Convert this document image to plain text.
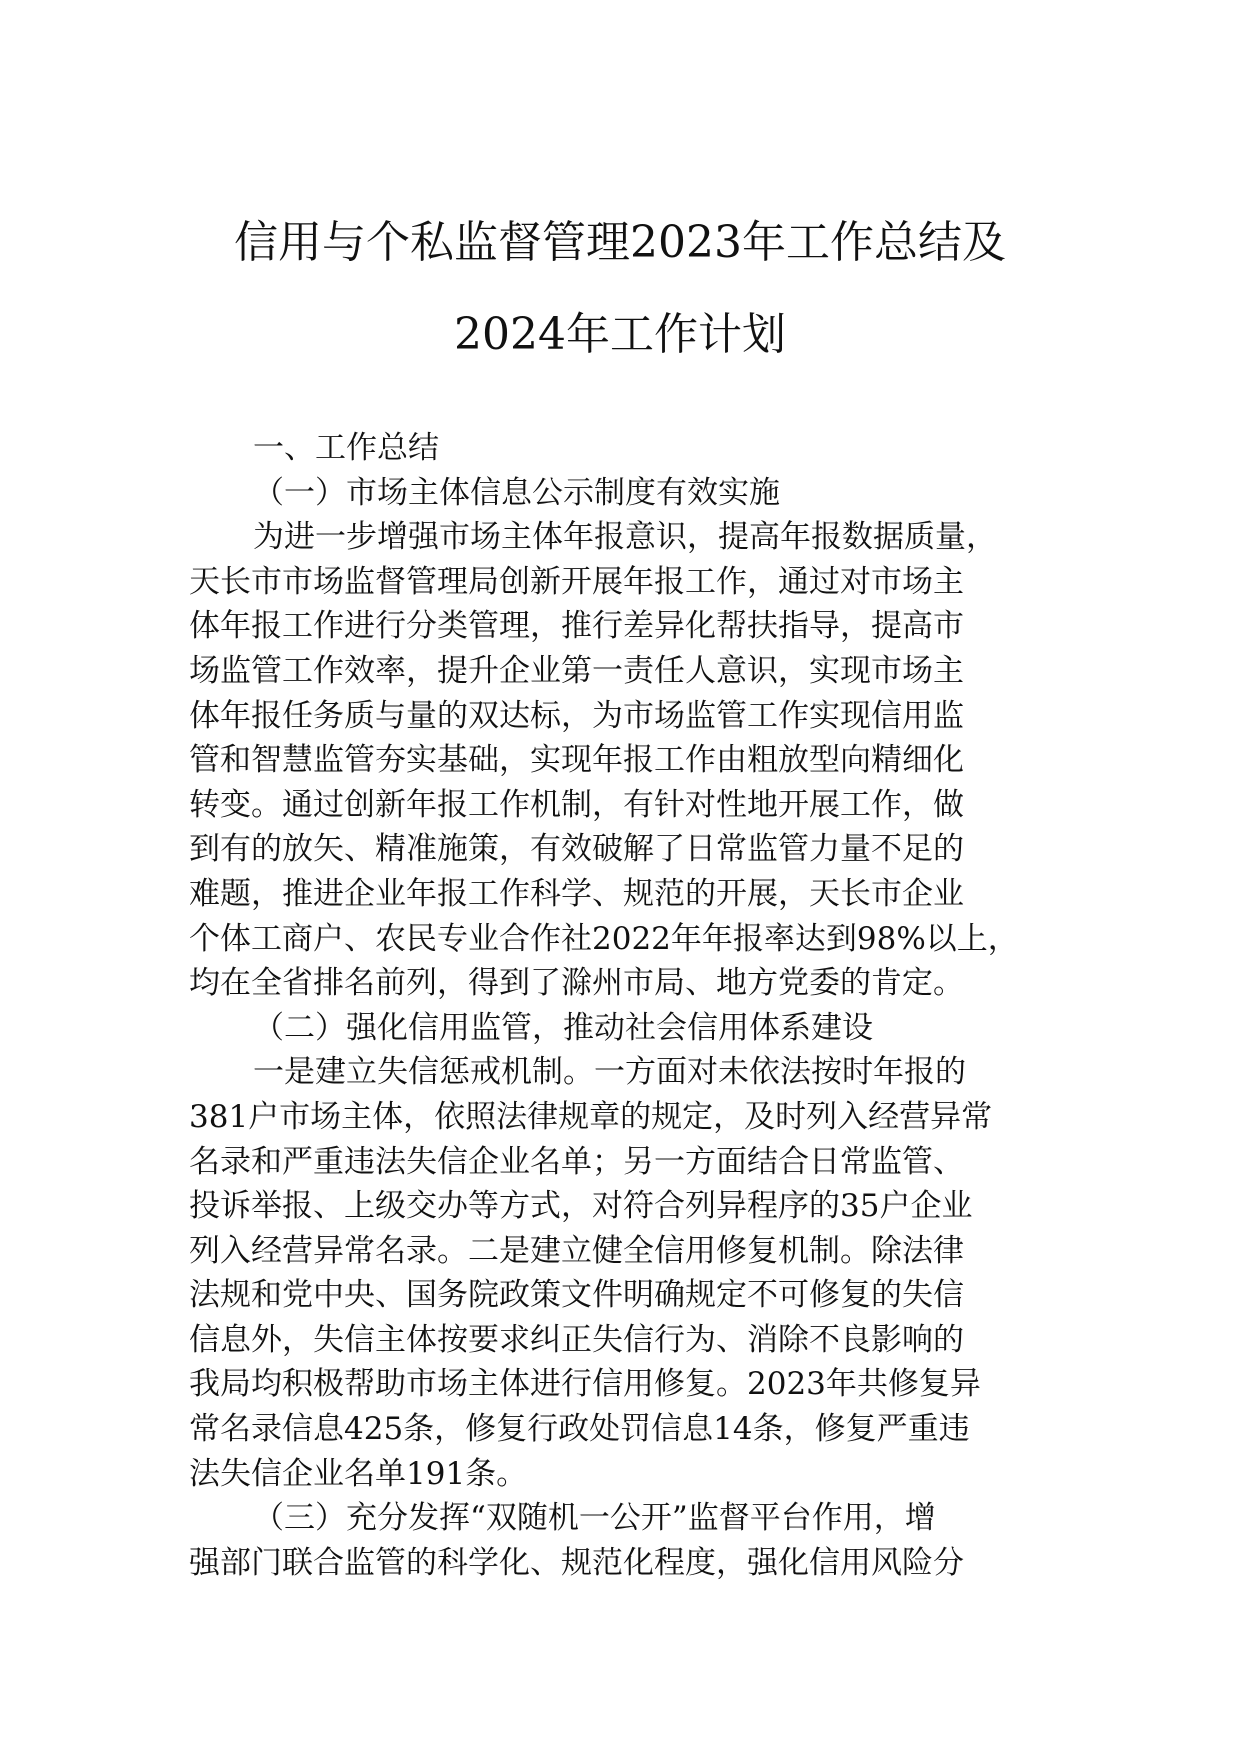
信用与个私监督管理2023年工作总结及
2024年工作计划
一、工作总结
（一）市场主体信息公示制度有效实施
为进一步增强市场主体年报意识，提高年报数据质量，
天长市市场监督管理局创新开展年报工作，通过对市场主
体年报工作进行分类管理，推行差异化帮扶指导，提高市
场监管工作效率，提升企业第一责任人意识，实现市场主
体年报任务质与量的双达标，为市场监管工作实现信用监
管和智慧监管夯实基础，实现年报工作由粗放型向精细化
转变。通过创新年报工作机制，有针对性地开展工作，做
到有的放矢、精准施策，有效破解了日常监管力量不足的
难题，推进企业年报工作科学、规范的开展，天长市企业
个体工商户、农民专业合作社2022年年报率达到98%以上，
均在全省排名前列，得到了滁州市局、地方党委的肯定。
（二）强化信用监管，推动社会信用体系建设
一是建立失信惩戒机制。一方面对未依法按时年报的
381户市场主体，依照法律规章的规定，及时列入经营异常
名录和严重违法失信企业名单；另一方面结合日常监管、
投诉举报、上级交办等方式，对符合列异程序的35户企业
列入经营异常名录。二是建立健全信用修复机制。除法律
法规和党中央、国务院政策文件明确规定不可修复的失信
信息外，失信主体按要求纠正失信行为、消除不良影响的
我局均积极帮助市场主体进行信用修复。2023年共修复异
常名录信息425条，修复行政处罚信息14条，修复严重违
法失信企业名单191条。
（三）充分发挥“双随机一公开”监督平台作用，增
强部门联合监管的科学化、规范化程度，强化信用风险分
